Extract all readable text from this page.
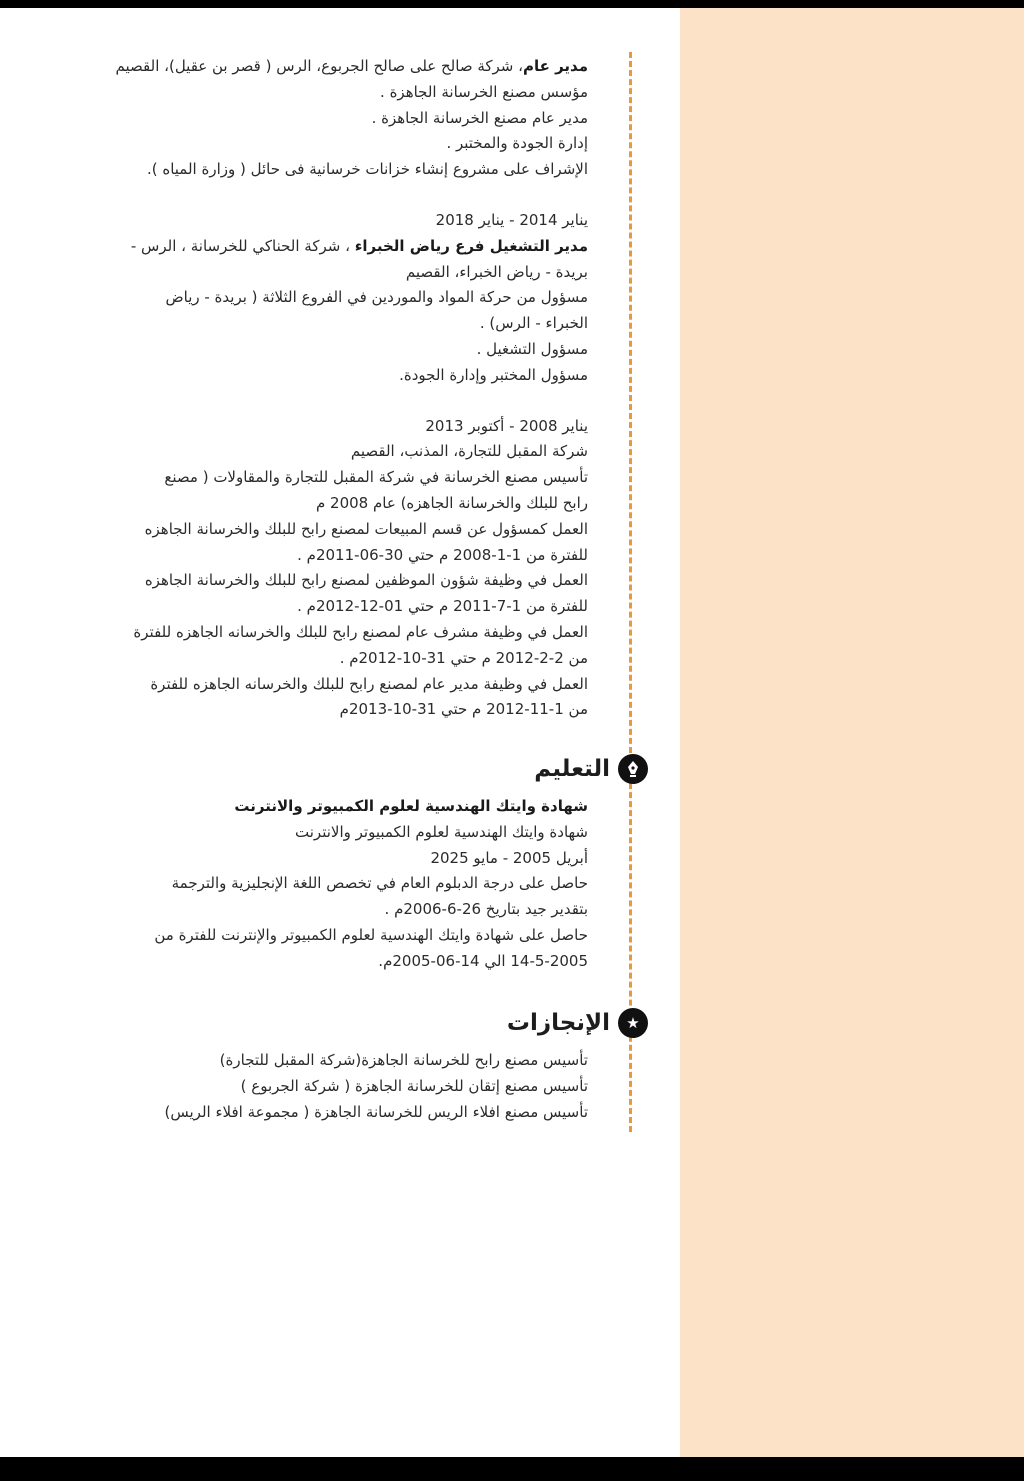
مدير عام، شركة صالح على صالح الجربوع، الرس ( قصر بن عقيل)، القصيم
مؤسس مصنع الخرسانة الجاهزة .
مدير عام مصنع الخرسانة الجاهزة .
إدارة الجودة والمختبر .
الإشراف على مشروع إنشاء خزانات خرسانية فى حائل ( وزارة المياه ).
يناير 2014 - يناير 2018
مدير التشغيل فرع رياض الخبراء ، شركة الحناكي للخرسانة ، الرس -
بريدة - رياض الخبراء، القصيم
مسؤول من حركة المواد والموردين في الفروع الثلاثة ( بريدة - رياض
الخبراء - الرس) .
مسؤول التشغيل .
مسؤول المختبر وإدارة الجودة.
يناير 2008 - أكتوبر 2013
شركة المقبل للتجارة، المذنب، القصيم
تأسيس مصنع الخرسانة في شركة المقبل للتجارة والمقاولات ( مصنع
رابح للبلك والخرسانة الجاهزه) عام 2008 م
العمل كمسؤول عن قسم المبيعات لمصنع رابح للبلك والخرسانة الجاهزه
للفترة من 1-1-2008 م حتي 30-06-2011م .
العمل في وظيفة شؤون الموظفين لمصنع رابح للبلك والخرسانة الجاهزه
للفترة من 1-7-2011 م حتي 01-12-2012م .
العمل في وظيفة مشرف عام لمصنع رابح للبلك والخرسانه الجاهزه للفترة
من 2-2-2012 م حتي 31-10-2012م .
العمل في وظيفة مدير عام لمصنع رابح للبلك والخرسانه الجاهزه للفترة
من 1-11-2012 م حتي 31-10-2013م
التعليم
شهادة وايتك الهندسية لعلوم الكمبيوتر والانترنت
شهادة وايتك الهندسية لعلوم الكمبيوتر والانترنت
أبريل 2005 - مايو 2025
حاصل على درجة الدبلوم العام في تخصص اللغة الإنجليزية والترجمة
بتقدير جيد بتاريخ 26-6-2006م .
حاصل على شهادة وايتك الهندسية لعلوم الكمبيوتر والإنترنت للفترة من
14-5-2005 الي 14-06-2005م.
★
الإنجازات
تأسيس مصنع رابح للخرسانة الجاهزة(شركة المقبل للتجارة)
تأسيس مصنع إتقان للخرسانة الجاهزة ( شركة الجربوع )
تأسيس مصنع افلاء الريس للخرسانة الجاهزة ( مجموعة افلاء الريس)
